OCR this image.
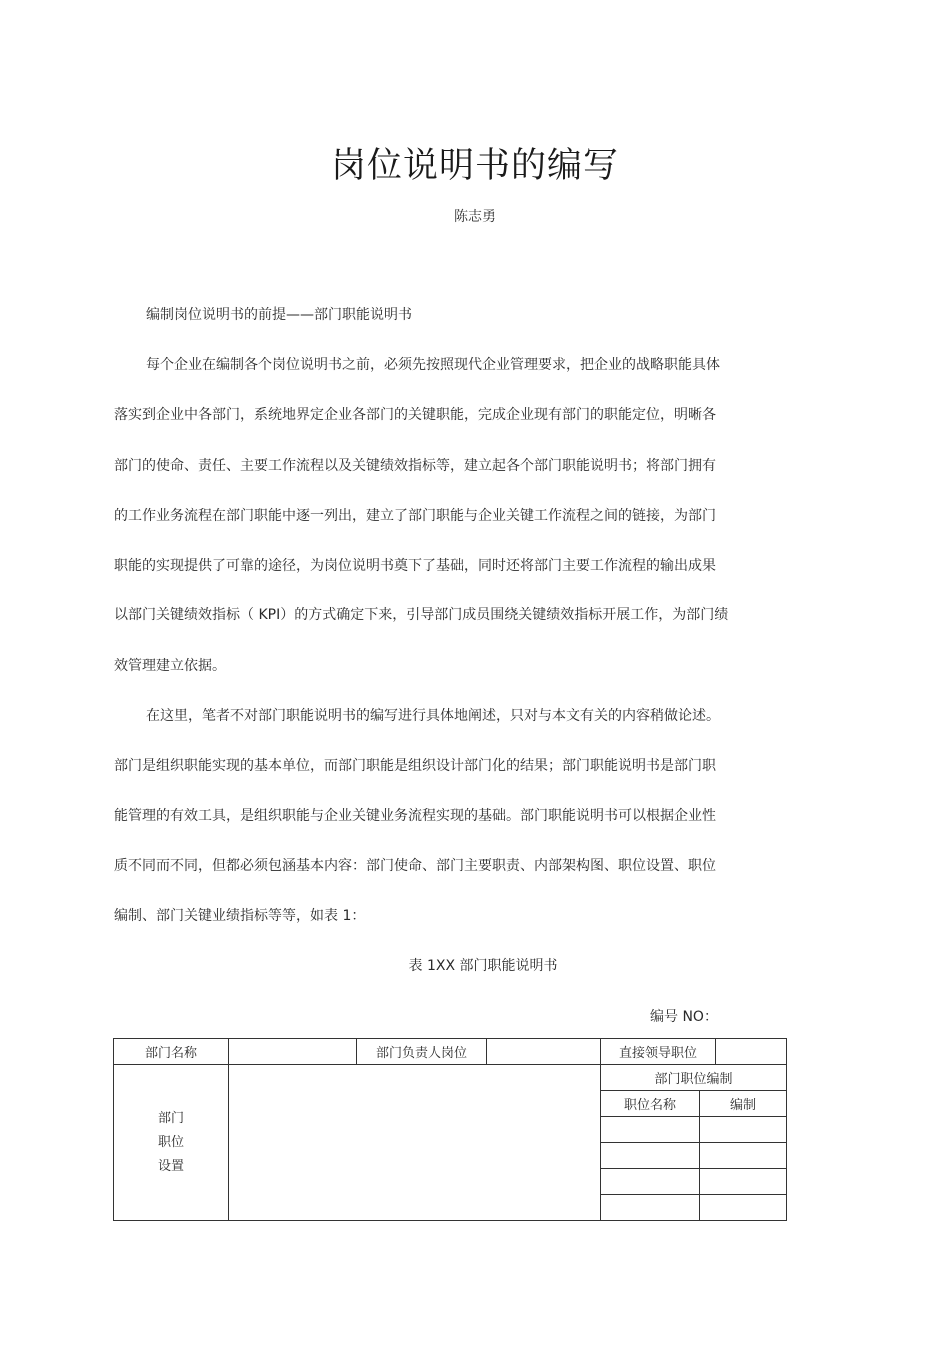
岗位说明书的编写
陈志勇
编制岗位说明书的前提——部门职能说明书
每个企业在编制各个岗位说明书之前，必须先按照现代企业管理要求，把企业的战略职能具体
落实到企业中各部门，系统地界定企业各部门的关键职能，完成企业现有部门的职能定位，明晰各
部门的使命、责任、主要工作流程以及关键绩效指标等，建立起各个部门职能说明书；将部门拥有
的工作业务流程在部门职能中逐一列出，建立了部门职能与企业关键工作流程之间的链接，为部门
职能的实现提供了可靠的途径，为岗位说明书奠下了基础，同时还将部门主要工作流程的输出成果
以部门关键绩效指标（ KPI）的方式确定下来，引导部门成员围绕关键绩效指标开展工作，为部门绩
效管理建立依据。
在这里，笔者不对部门职能说明书的编写进行具体地阐述，只对与本文有关的内容稍做论述。
部门是组织职能实现的基本单位，而部门职能是组织设计部门化的结果；部门职能说明书是部门职
能管理的有效工具，是组织职能与企业关键业务流程实现的基础。部门职能说明书可以根据企业性
质不同而不同，但都必须包涵基本内容：部门使命、部门主要职责、内部架构图、职位设置、职位
编制、部门关键业绩指标等等，如表 1：
表 1XX 部门职能说明书
编号 NO：
部门名称		部门负责人岗位		直接领导职位		

部门
职位
设置				部门职位编制		
				职位名称	编制	
